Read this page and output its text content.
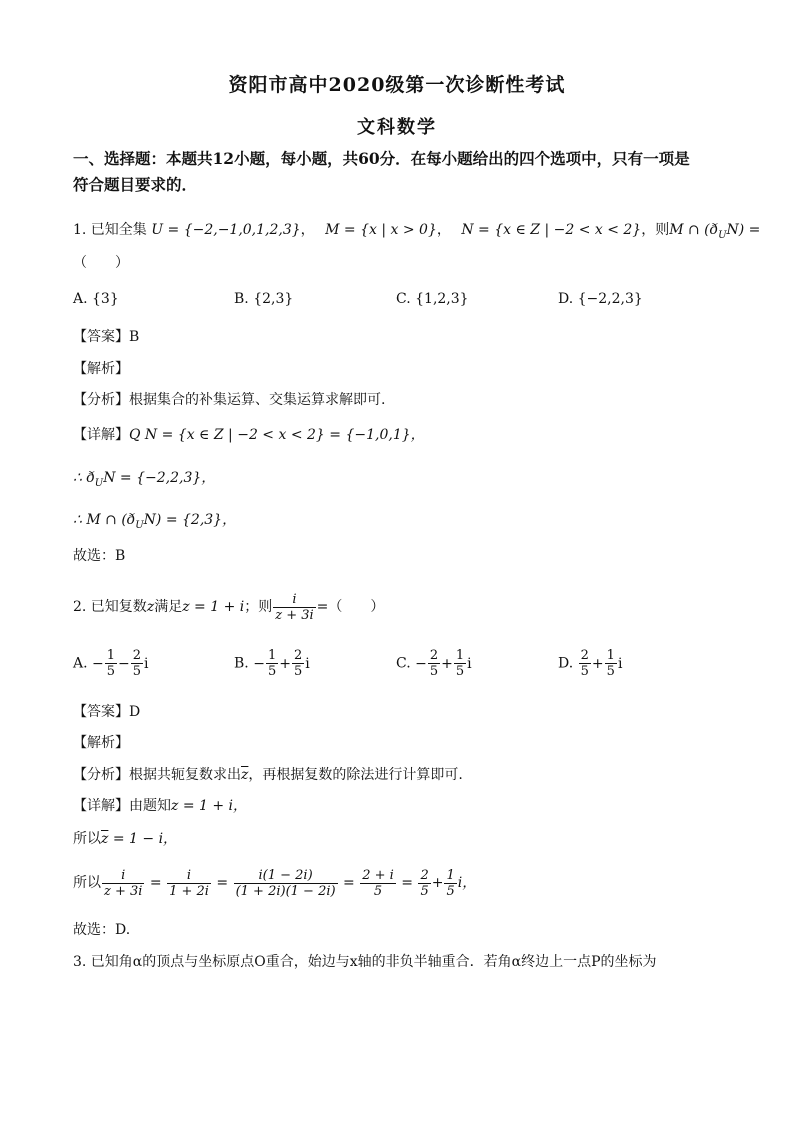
资阳市高中2020级第一次诊断性考试
文科数学
一、选择题：本题共12小题，每小题，共60分．在每小题给出的四个选项中，只有一项是
符合题目要求的．
1. 已知全集 U = {−2,−1,0,1,2,3}， M = {x | x > 0}， N = {x ∈ Z | −2 < x < 2}，则M ∩ $(ð_UN)$ =
（　　）
A. {3}	B. {2,3}	C. {1,2,3}	D. {−2,2,3}
【答案】B
【解析】
【分析】根据集合的补集运算、交集运算求解即可.
【详解】Q N = {x ∈ Z | −2 < x < 2} = {−1,0,1}，
∴ $ð_UN = \{-2,2,3\}$，
∴ M ∩ $(ð_UN) = \{2,3\}$，
故选：B
2. 已知复数z满足z = 1 + i；则 $\frac{i}{z + 3i}$ =（　　）
A. − $\frac{1}{5} - \frac{2}{5}$ i	B. − $\frac{1}{5} + \frac{2}{5}$ i	C. − $\frac{2}{5} + \frac{1}{5}$ i	D. $\frac{2}{5} + \frac{1}{5}$ i
【答案】D
【解析】
【分析】根据共轭复数求出$\overline{z}$，再根据复数的除法进行计算即可.
【详解】由题知z = 1 + i，
所以$\overline{z} = 1 - i$，
所以 $\frac{i}{z + 3i} = \frac{i}{1 + 2i} = \frac{i(1 - 2i)}{(1 + 2i)(1 - 2i)} = \frac{2 + i}{5} = \frac{2}{5} + \frac{1}{5}$ i，
故选：D.
3. 已知角α的顶点与坐标原点O重合，始边与x轴的非负半轴重合．若角α终边上一点P的坐标为
